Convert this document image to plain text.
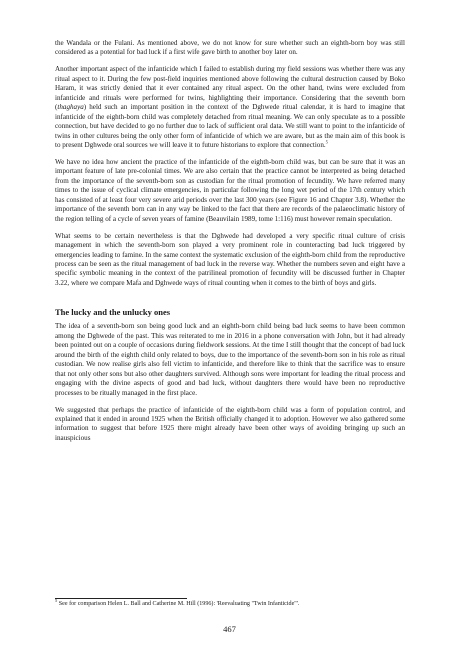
the Wandala or the Fulani. As mentioned above, we do not know for sure whether such an eighth-born boy was still considered as a potential for bad luck if a first wife gave birth to another boy later on.

Another important aspect of the infanticide which I failed to establish during my field sessions was whether there was any ritual aspect to it. During the few post-field inquiries mentioned above following the cultural destruction caused by Boko Haram, it was strictly denied that it ever contained any ritual aspect. On the other hand, twins were excluded from infanticide and rituals were performed for twins, highlighting their importance. Considering that the seventh born (thaghaya) held such an important position in the context of the Dghwede ritual calendar, it is hard to imagine that infanticide of the eighth-born child was completely detached from ritual meaning. We can only speculate as to a possible connection, but have decided to go no further due to lack of sufficient oral data. We still want to point to the infanticide of twins in other cultures being the only other form of infanticide of which we are aware, but as the main aim of this book is to present Dghwede oral sources we will leave it to future historians to explore that connection.$^5$

We have no idea how ancient the practice of the infanticide of the eighth-born child was, but can be sure that it was an important feature of late pre-colonial times. We are also certain that the practice cannot be interpreted as being detached from the importance of the seventh-born son as custodian for the ritual promotion of fecundity. We have referred many times to the issue of cyclical climate emergencies, in particular following the long wet period of the 17th century which has consisted of at least four very severe arid periods over the last 300 years (see Figure 16 and Chapter 3.8). Whether the importance of the seventh born can in any way be linked to the fact that there are records of the palaeoclimatic history of the region telling of a cycle of seven years of famine (Beauvilain 1989, tome 1:116) must however remain speculation.

What seems to be certain nevertheless is that the Dghwede had developed a very specific ritual culture of crisis management in which the seventh-born son played a very prominent role in counteracting bad luck triggered by emergencies leading to famine. In the same context the systematic exclusion of the eighth-born child from the reproductive process can be seen as the ritual management of bad luck in the reverse way. Whether the numbers seven and eight have a specific symbolic meaning in the context of the patrilineal promotion of fecundity will be discussed further in Chapter 3.22, where we compare Mafa and Dghwede ways of ritual counting when it comes to the birth of boys and girls.

The lucky and the unlucky ones

The idea of a seventh-born son being good luck and an eighth-born child being bad luck seems to have been common among the Dghwede of the past. This was reiterated to me in 2016 in a phone conversation with John, but it had already been pointed out on a couple of occasions during fieldwork sessions. At the time I still thought that the concept of bad luck around the birth of the eighth child only related to boys, due to the importance of the seventh-born son in his role as ritual custodian. We now realise girls also fell victim to infanticide, and therefore like to think that the sacrifice was to ensure that not only other sons but also other daughters survived. Although sons were important for leading the ritual process and engaging with the divine aspects of good and bad luck, without daughters there would have been no reproductive processes to be ritually managed in the first place.

We suggested that perhaps the practice of infanticide of the eighth-born child was a form of population control, and explained that it ended in around 1925 when the British officially changed it to adoption. However we also gathered some information to suggest that before 1925 there might already have been other ways of avoiding bringing up such an inauspicious

$^5$ See for comparison Helen L. Ball and Catherine M. Hill (1996): 'Reevaluating "Twin Infanticide"'.
467
